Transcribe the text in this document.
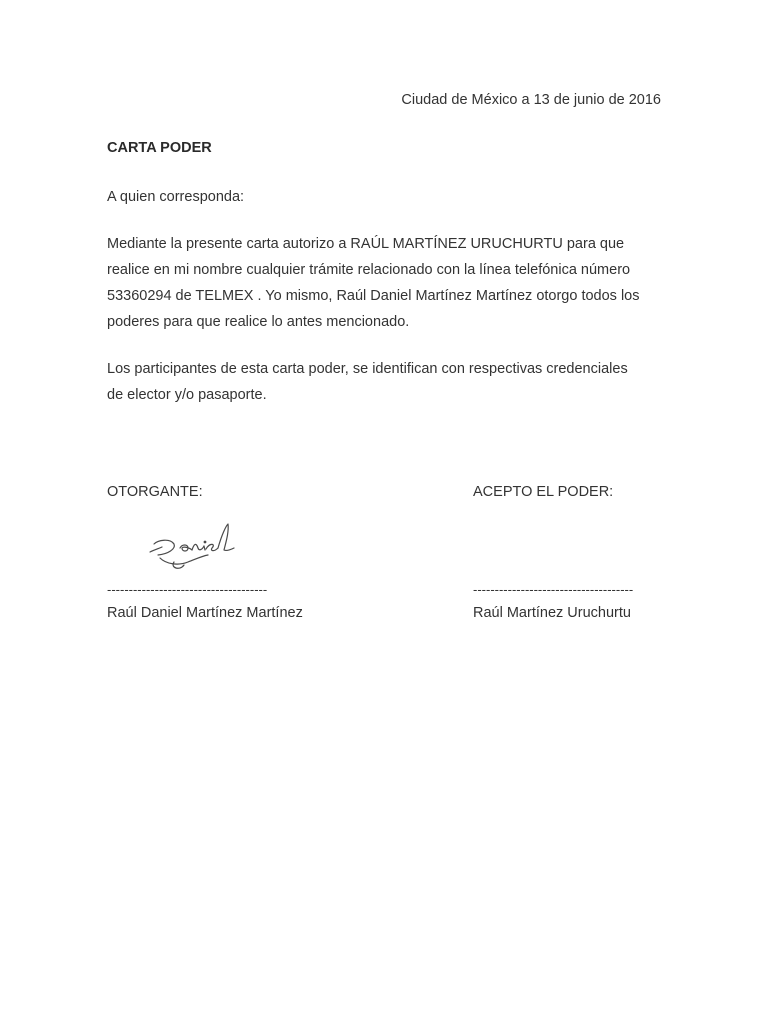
Ciudad de México a 13 de junio de 2016
CARTA PODER
A quien corresponda:

Mediante la presente carta autorizo a RAÚL MARTÍNEZ URUCHURTU para que
realice en mi nombre cualquier trámite relacionado con la línea telefónica número
53360294 de TELMEX . Yo mismo, Raúl Daniel Martínez Martínez otorgo todos los
poderes para que realice lo antes mencionado.

Los participantes de esta carta poder, se identifican con respectivas credenciales
de elector y/o pasaporte.

OTORGANTE:
-------------------------------------
Raúl Daniel Martínez Martínez
ACEPTO EL PODER:
-------------------------------------
Raúl Martínez Uruchurtu
